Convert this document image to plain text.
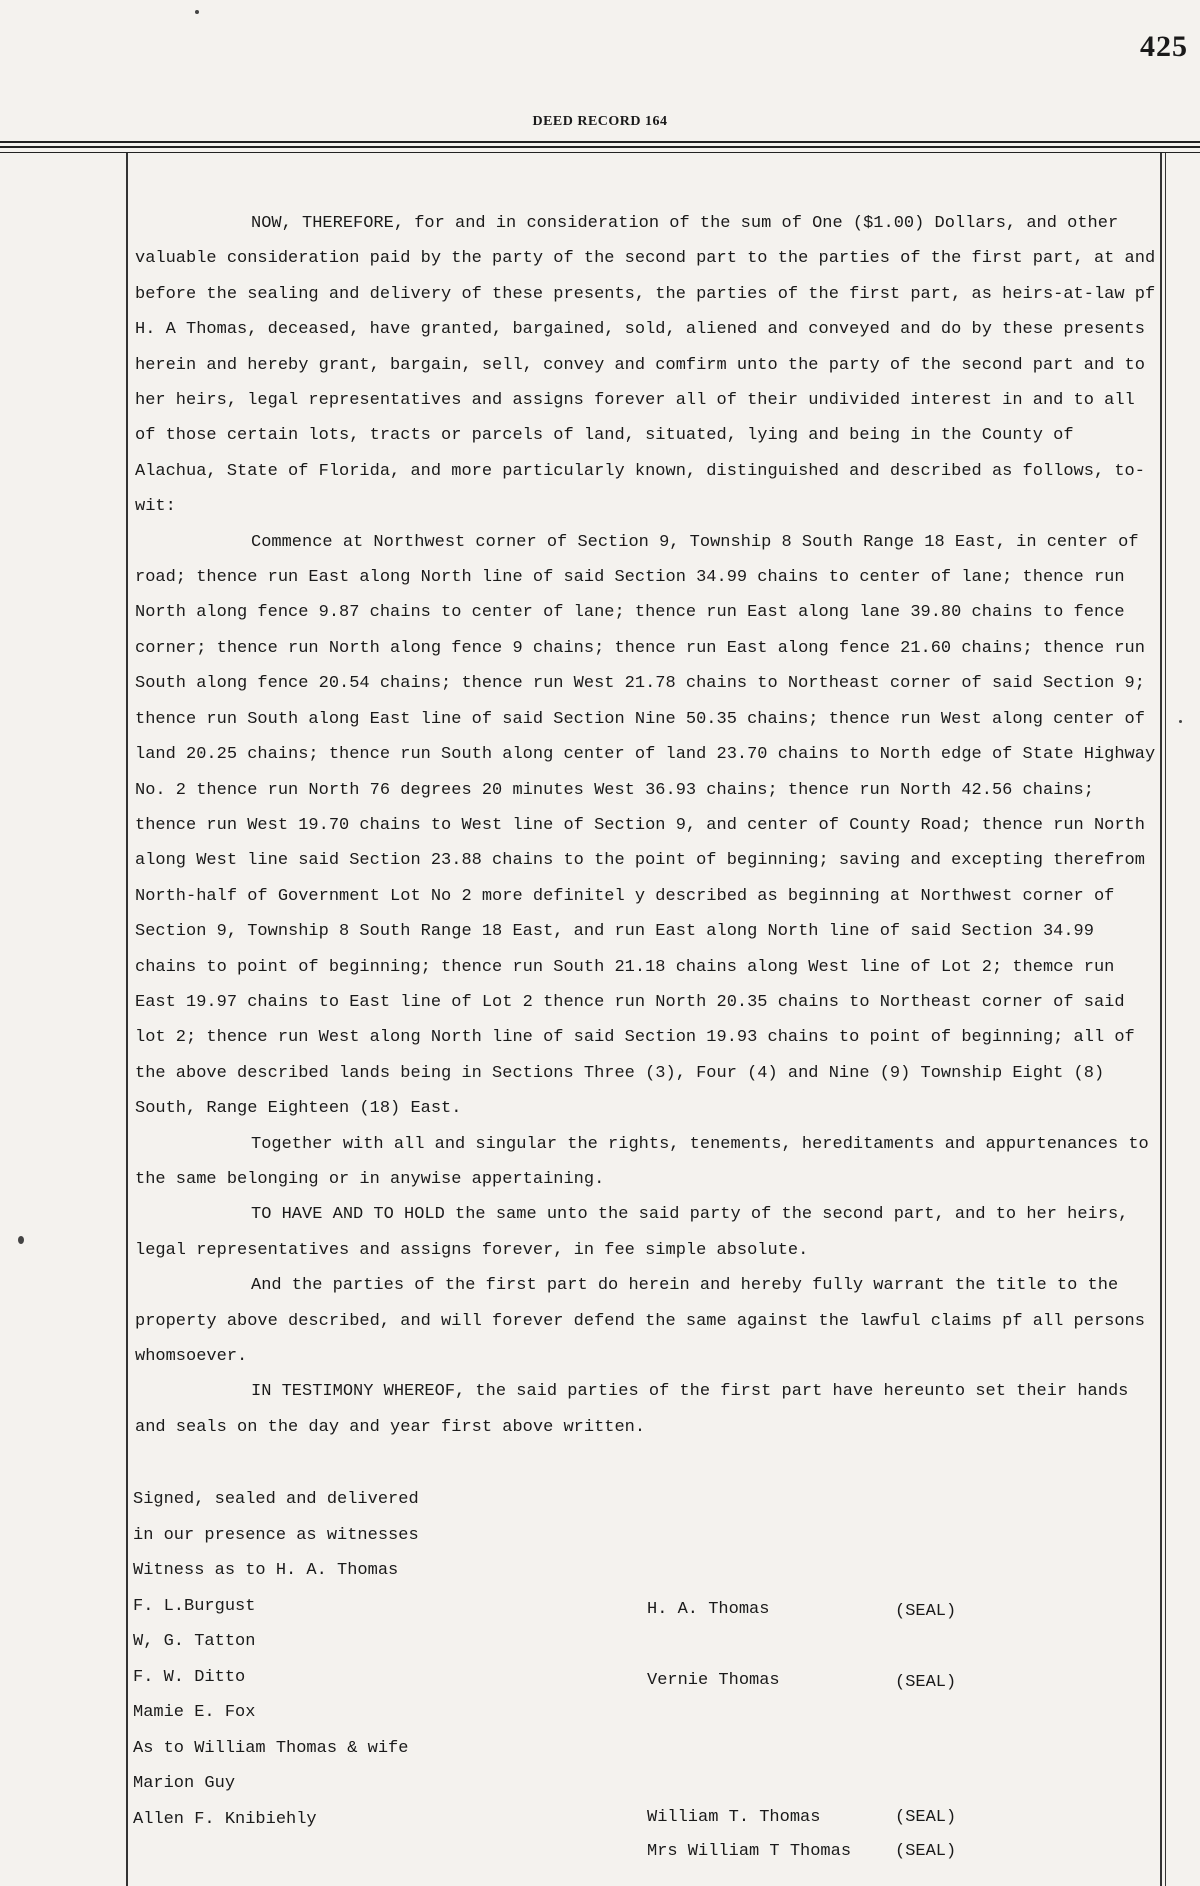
425
DEED RECORD 164

NOW, THEREFORE, for and in consideration of the sum of One ($1.00) Dollars, and other valuable consideration paid by the party of the second part to the parties of the first part, at and before the sealing and delivery of these presents, the parties of the first part, as heirs-at-law pf H. A Thomas, deceased, have granted, bargained, sold, aliened and conveyed and do by these presents herein and hereby grant, bargain, sell, convey and comfirm unto the party of the second part and to her heirs, legal representatives and assigns forever all of their undivided interest in and to all of those certain lots, tracts or parcels of land, situated, lying and being in the County of Alachua, State of Florida, and more particularly known, distinguished and described as follows, to-wit:

Commence at Northwest corner of Section 9, Township 8 South Range 18 East, in center of road; thence run East along North line of said Section 34.99 chains to center of lane; thence run North along fence 9.87 chains to center of lane; thence run East along lane 39.80 chains to fence corner; thence run North along fence 9 chains; thence run East along fence 21.60 chains; thence run South along fence 20.54 chains; thence run West 21.78 chains to Northeast corner of said Section 9; thence run South along East line of said Section Nine 50.35 chains; thence run West along center of land 20.25 chains; thence run South along center of land 23.70 chains to North edge of State Highway No. 2 thence run North 76 degrees 20 minutes West 36.93 chains; thence run North 42.56 chains; thence run West 19.70 chains to West line of Section 9, and center of County Road; thence run North along West line said Section 23.88 chains to the point of beginning; saving and excepting therefrom North-half of Government Lot No 2 more definitel y described as beginning at Northwest corner of Section 9, Township 8 South Range 18 East, and run East along North line of said Section 34.99 chains to point of beginning; thence run South 21.18 chains along West line of Lot 2; themce run East 19.97 chains to East line of Lot 2 thence run North 20.35 chains to Northeast corner of said lot 2; thence run West along North line of said Section 19.93 chains to point of beginning; all of the above described lands being in Sections Three (3), Four (4) and Nine (9) Township Eight (8) South, Range Eighteen (18) East.

Together with all and singular the rights, tenements, hereditaments and appurtenances to the same belonging or in anywise appertaining.

TO HAVE AND TO HOLD the same unto the said party of the second part, and to her heirs, legal representatives and assigns forever, in fee simple absolute.

And the parties of the first part do herein and hereby fully warrant the title to the property above described, and will forever defend the same against the lawful claims pf all persons whomsoever.

IN TESTIMONY WHEREOF, the said parties of the first part have hereunto set their hands and seals on the day and year first above written.

Signed, sealed and delivered
in our presence as witnesses
Witness as to H. A. Thomas
F. L.Burgust
W, G. Tatton
F. W. Ditto
Mamie E. Fox
As to William Thomas & wife
Marion Guy
Allen F. Knibiehly
H. A. Thomas	(SEAL)
Vernie Thomas	(SEAL)
William T. Thomas	(SEAL)
Mrs William T Thomas	(SEAL)
